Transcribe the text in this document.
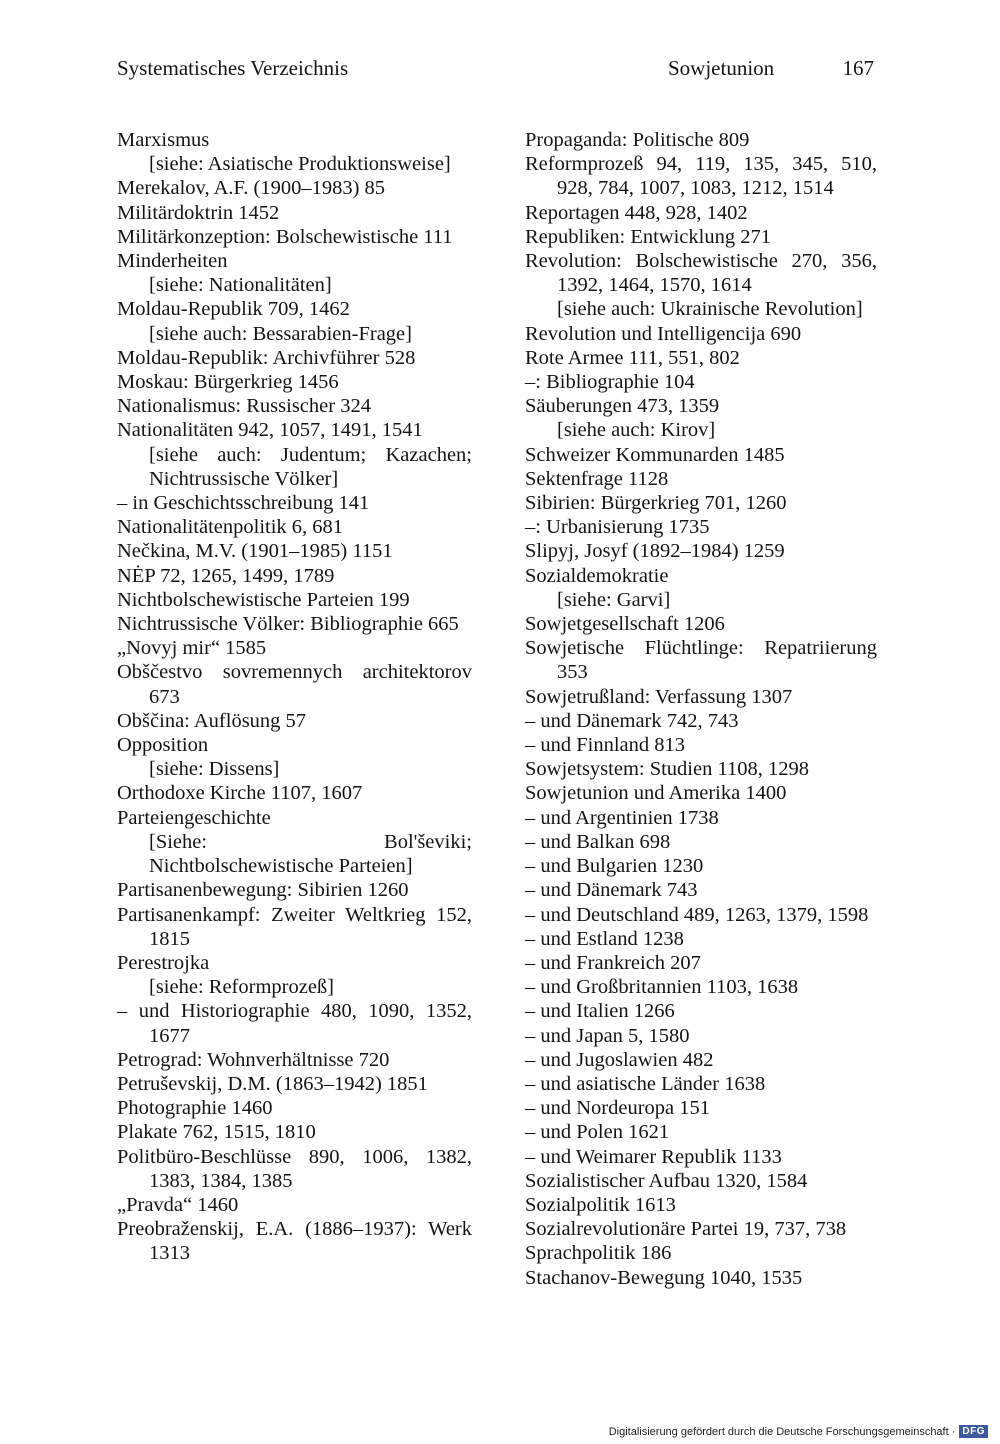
Systematisches Verzeichnis	Sowjetunion	167

Marxismus

[siehe: Asiatische Produktionsweise]

Merekalov, A.F. (1900–1983) 85

Militärdoktrin 1452

Militärkonzeption: Bolschewistische 111

Minderheiten

[siehe: Nationalitäten]

Moldau-Republik 709, 1462

[siehe auch: Bessarabien-Frage]

Moldau-Republik: Archivführer 528

Moskau: Bürgerkrieg 1456

Nationalismus: Russischer 324

Nationalitäten 942, 1057, 1491, 1541

[siehe auch: Judentum; Kazachen; Nichtrussische Völker]

– in Geschichtsschreibung 141

Nationalitätenpolitik 6, 681

Nečkina, M.V. (1901–1985) 1151

NĖP 72, 1265, 1499, 1789

Nichtbolschewistische Parteien 199

Nichtrussische Völker: Bibliographie 665

„Novyj mir“ 1585

Obščestvo sovremennych architektorov 673

Obščina: Auflösung 57

Opposition

[siehe: Dissens]

Orthodoxe Kirche 1107, 1607

Parteiengeschichte

[Siehe: Bol'ševiki; Nichtbolschewistische Parteien]

Partisanenbewegung: Sibirien 1260

Partisanenkampf: Zweiter Weltkrieg 152, 1815

Perestrojka

[siehe: Reformprozeß]

– und Historiographie 480, 1090, 1352, 1677

Petrograd: Wohnverhältnisse 720

Petruševskij, D.M. (1863–1942) 1851

Photographie 1460

Plakate 762, 1515, 1810

Politbüro-Beschlüsse 890, 1006, 1382, 1383, 1384, 1385

„Pravda“ 1460

Preobraženskij, E.A. (1886–1937): Werk 1313

Propaganda: Politische 809

Reformprozeß 94, 119, 135, 345, 510, 928, 784, 1007, 1083, 1212, 1514

Reportagen 448, 928, 1402

Republiken: Entwicklung 271

Revolution: Bolschewistische 270, 356, 1392, 1464, 1570, 1614

[siehe auch: Ukrainische Revolution]

Revolution und Intelligencija 690

Rote Armee 111, 551, 802

–: Bibliographie 104

Säuberungen 473, 1359

[siehe auch: Kirov]

Schweizer Kommunarden 1485

Sektenfrage 1128

Sibirien: Bürgerkrieg 701, 1260

–: Urbanisierung 1735

Slipyj, Josyf (1892–1984) 1259

Sozialdemokratie

[siehe: Garvi]

Sowjetgesellschaft 1206

Sowjetische Flüchtlinge: Repatriierung 353

Sowjetrußland: Verfassung 1307

– und Dänemark 742, 743

– und Finnland 813

Sowjetsystem: Studien 1108, 1298

Sowjetunion und Amerika 1400

– und Argentinien 1738

– und Balkan 698

– und Bulgarien 1230

– und Dänemark 743

– und Deutschland 489, 1263, 1379, 1598

– und Estland 1238

– und Frankreich 207

– und Großbritannien 1103, 1638

– und Italien 1266

– und Japan 5, 1580

– und Jugoslawien 482

– und asiatische Länder 1638

– und Nordeuropa 151

– und Polen 1621

– und Weimarer Republik 1133

Sozialistischer Aufbau 1320, 1584

Sozialpolitik 1613

Sozialrevolutionäre Partei 19, 737, 738

Sprachpolitik 186

Stachanov-Bewegung 1040, 1535

Digitalisierung gefördert durch die Deutsche Forschungsgemeinschaft · DFG
